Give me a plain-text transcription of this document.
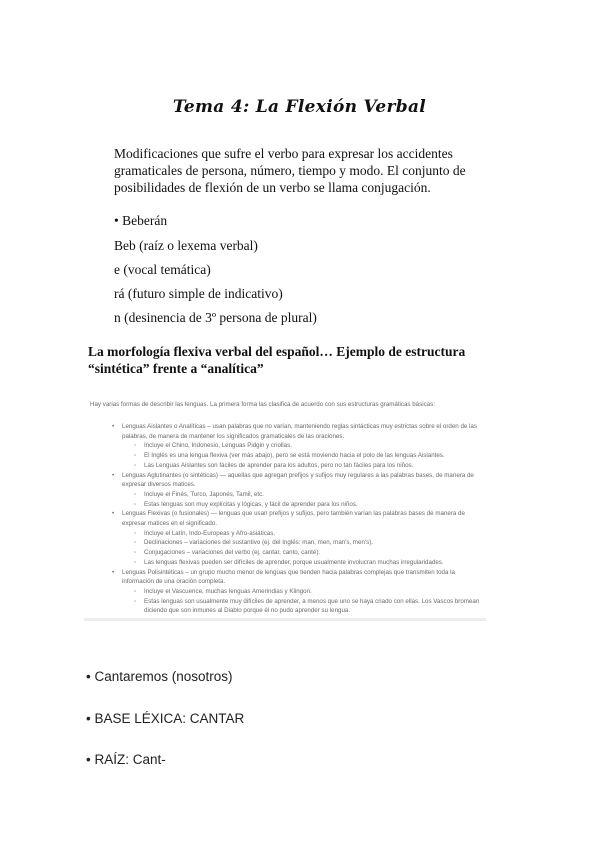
Tema 4: La Flexión Verbal

Modificaciones que sufre el verbo para expresar los accidentes gramaticales de persona, número, tiempo y modo. El conjunto de posibilidades de flexión de un verbo se llama conjugación.

• Beberán

Beb (raíz o lexema verbal)

e (vocal temática)

rá (futuro simple de indicativo)

n (desinencia de 3º persona de plural)

La morfología flexiva verbal del español… Ejemplo de estructura “sintética” frente a “analítica”

Hay varias formas de describir las lenguas. La primera forma las clasifica de acuerdo con sus estructuras gramáticas básicas:
• Lenguas Aislantes o Analíticas – usan palabras que no varían, manteniendo reglas sintácticas muy estrictas sobre el orden de las palabras, de manera de mantener los significados gramaticales de las oraciones.
◦ Incluye el Chino, Indonesio, Lenguas Pidgin y criollas.
◦ El Inglés es una lengua flexiva (ver más abajo), pero se está moviendo hacia el polo de las lenguas Aislantes.
◦ Las Lenguas Aislantes son fáciles de aprender para los adultos, pero no tan fáciles para los niños.
• Lenguas Aglutinantes (o sintéticas) — aquellas que agregan prefijos y sufijos muy regulares a las palabras bases, de manera de expresar diversos matices.
◦ Incluye el Finés, Turco, Japonés, Tamil, etc.
◦ Estas lenguas son muy explícitas y lógicas, y fácil de aprender para los niños.
• Lenguas Flexivas (o fusionales) — lenguas que usan prefijos y sufijos, pero también varían las palabras bases de manera de expresar matices en el significado.
◦ Incluye el Latín, Indo-Europeas y Afro-asiáticas.
◦ Declinaciones – variaciones del sustantivo (ej. del Inglés: man, men, man's, men's).
◦ Conjugaciones – variaciones del verbo (ej. cantar, canto, canté).
◦ Las lenguas flexivas pueden ser difíciles de aprender, porque usualmente involucran muchas irregularidades.
• Lenguas Polisintéticas – un grupo mucho menor de lenguas que tienden hacia palabras complejas que transmiten toda la información de una oración completa.
◦ Incluye el Vascuence, muchas lenguas Amerindias y Klingon.
◦ Estas lenguas son usualmente muy difíciles de aprender, a menos que uno se haya criado con ellas. Los Vascos bromean diciendo que son inmunes al Diablo porque él no pudo aprender su lengua.

• Cantaremos (nosotros)

• BASE LÉXICA: CANTAR

• RAÍZ: Cant-
